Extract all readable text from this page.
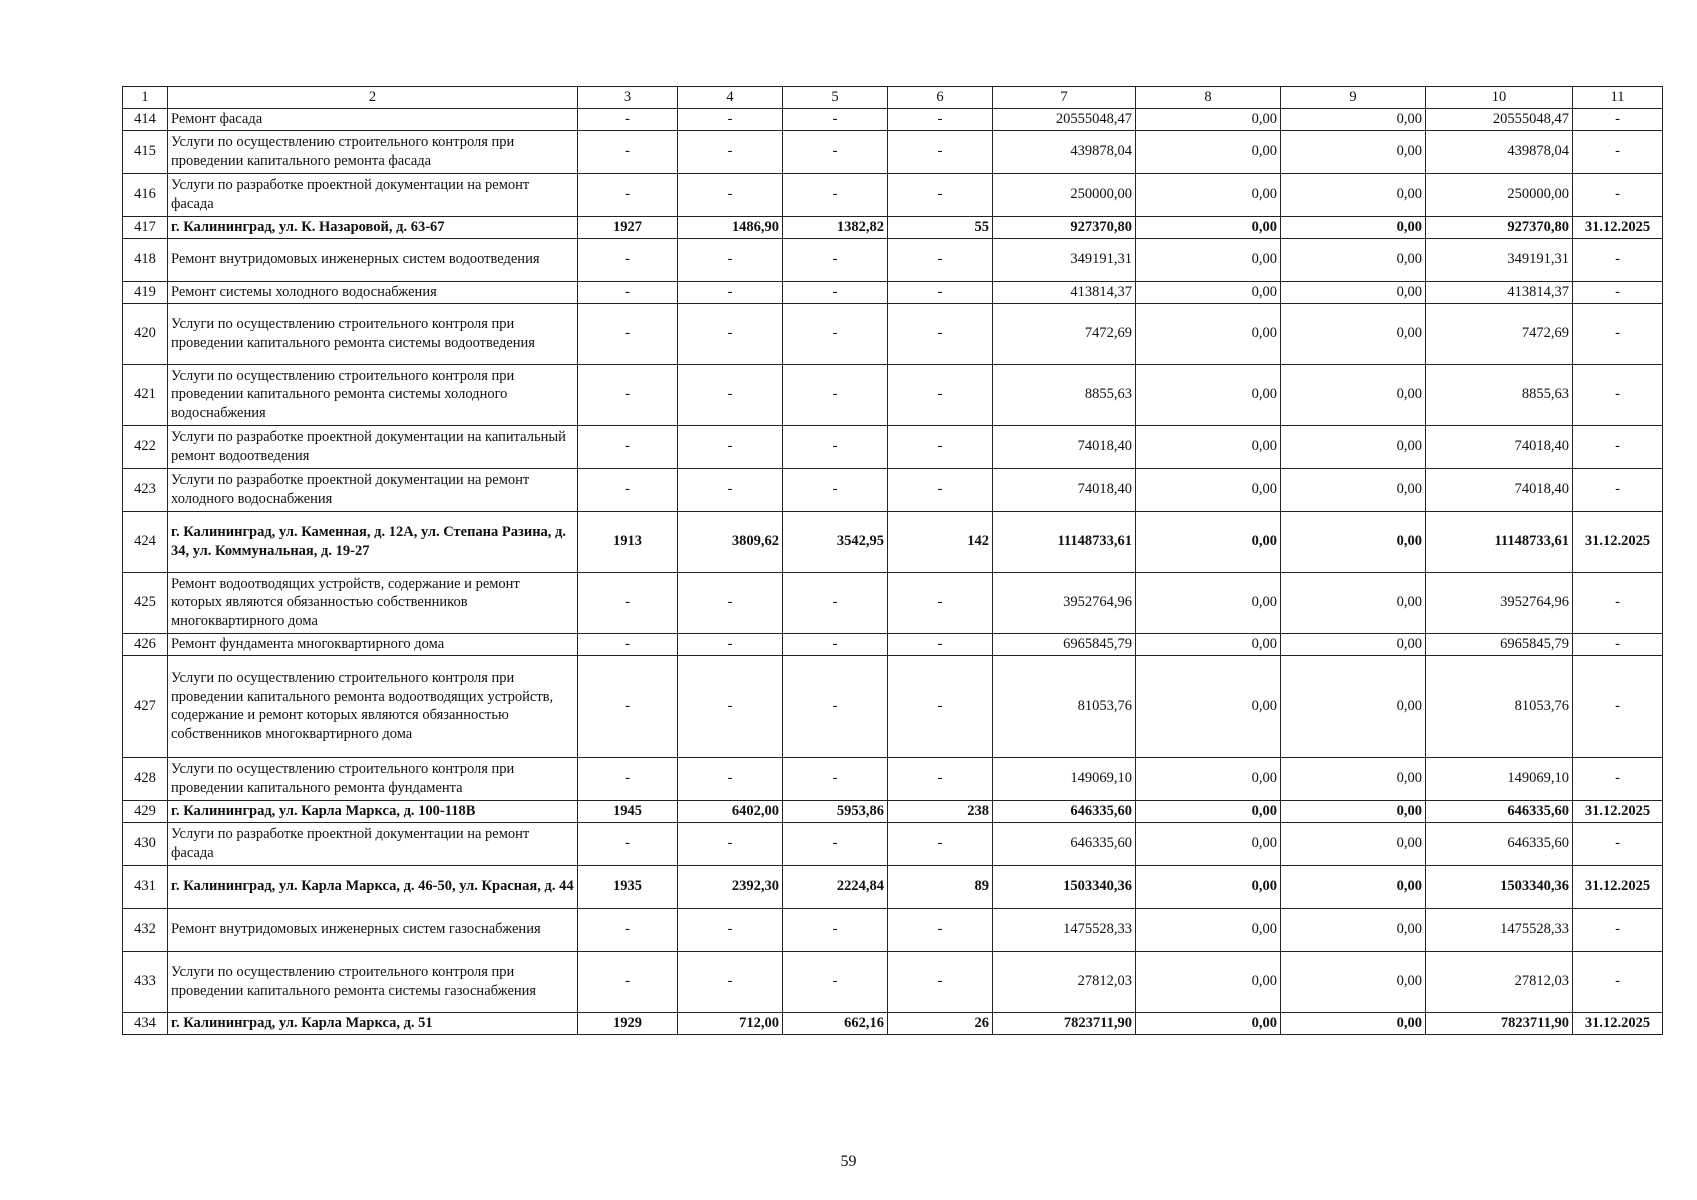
1	2	3	4	5	6	7	8	9	10	11
414	Ремонт фасада	-	-	-	-	20555048,47	0,00	0,00	20555048,47	-
415	Услуги по осуществлению строительного контроля при проведении капитального ремонта фасада	-	-	-	-	439878,04	0,00	0,00	439878,04	-
416	Услуги по разработке проектной документации на ремонт фасада	-	-	-	-	250000,00	0,00	0,00	250000,00	-
417	г. Калининград, ул. К. Назаровой, д. 63-67	1927	1486,90	1382,82	55	927370,80	0,00	0,00	927370,80	31.12.2025
418	Ремонт внутридомовых инженерных систем водоотведения	-	-	-	-	349191,31	0,00	0,00	349191,31	-
419	Ремонт системы холодного водоснабжения	-	-	-	-	413814,37	0,00	0,00	413814,37	-
420	Услуги по осуществлению строительного контроля при проведении капитального ремонта системы водоотведения	-	-	-	-	7472,69	0,00	0,00	7472,69	-
421	Услуги по осуществлению строительного контроля при проведении капитального ремонта системы холодного водоснабжения	-	-	-	-	8855,63	0,00	0,00	8855,63	-
422	Услуги по разработке проектной документации на капитальный ремонт водоотведения	-	-	-	-	74018,40	0,00	0,00	74018,40	-
423	Услуги по разработке проектной документации на ремонт холодного водоснабжения	-	-	-	-	74018,40	0,00	0,00	74018,40	-
424	г. Калининград, ул. Каменная, д. 12А, ул. Степана Разина, д. 34, ул. Коммунальная, д. 19-27	1913	3809,62	3542,95	142	11148733,61	0,00	0,00	11148733,61	31.12.2025
425	Ремонт водоотводящих устройств, содержание и ремонт которых являются обязанностью собственников многоквартирного дома	-	-	-	-	3952764,96	0,00	0,00	3952764,96	-
426	Ремонт фундамента многоквартирного дома	-	-	-	-	6965845,79	0,00	0,00	6965845,79	-
427	Услуги по осуществлению строительного контроля при проведении капитального ремонта водоотводящих устройств, содержание и ремонт которых являются обязанностью собственников многоквартирного дома	-	-	-	-	81053,76	0,00	0,00	81053,76	-
428	Услуги по осуществлению строительного контроля при проведении капитального ремонта фундамента	-	-	-	-	149069,10	0,00	0,00	149069,10	-
429	г. Калининград, ул. Карла Маркса, д. 100-118В	1945	6402,00	5953,86	238	646335,60	0,00	0,00	646335,60	31.12.2025
430	Услуги по разработке проектной документации на ремонт фасада	-	-	-	-	646335,60	0,00	0,00	646335,60	-
431	г. Калининград, ул. Карла Маркса, д. 46-50, ул. Красная, д. 44	1935	2392,30	2224,84	89	1503340,36	0,00	0,00	1503340,36	31.12.2025
432	Ремонт внутридомовых инженерных систем газоснабжения	-	-	-	-	1475528,33	0,00	0,00	1475528,33	-
433	Услуги по осуществлению строительного контроля при проведении капитального ремонта системы газоснабжения	-	-	-	-	27812,03	0,00	0,00	27812,03	-
434	г. Калининград, ул. Карла Маркса, д. 51	1929	712,00	662,16	26	7823711,90	0,00	0,00	7823711,90	31.12.2025
59
